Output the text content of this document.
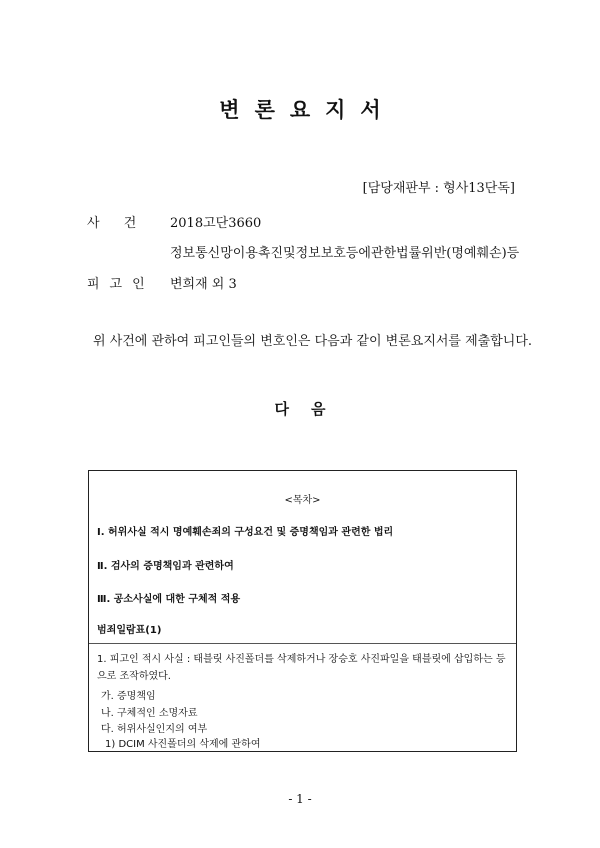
변론요지서
[담당재판부 : 형사13단독]
사 건 2018고단3660
정보통신망이용촉진및정보보호등에관한법률위반(명예훼손)등
피고인 변희재 외 3
위 사건에 관하여 피고인들의 변호인은 다음과 같이 변론요지서를 제출합니다.
다음
<목차>
Ⅰ. 허위사실 적시 명예훼손죄의 구성요건 및 증명책임과 관련한 법리
Ⅱ. 검사의 증명책임과 관련하여
Ⅲ. 공소사실에 대한 구체적 적용
범죄일람표(1)
1. 피고인 적시 사실 : 태블릿 사진폴더를 삭제하거나 장승호 사진파일을 태블릿에 삽입하는 등으로 조작하였다.
가. 증명책임
나. 구체적인 소명자료
다. 허위사실인지의 여부
1) DCIM 사진폴더의 삭제에 관하여
- 1 -
